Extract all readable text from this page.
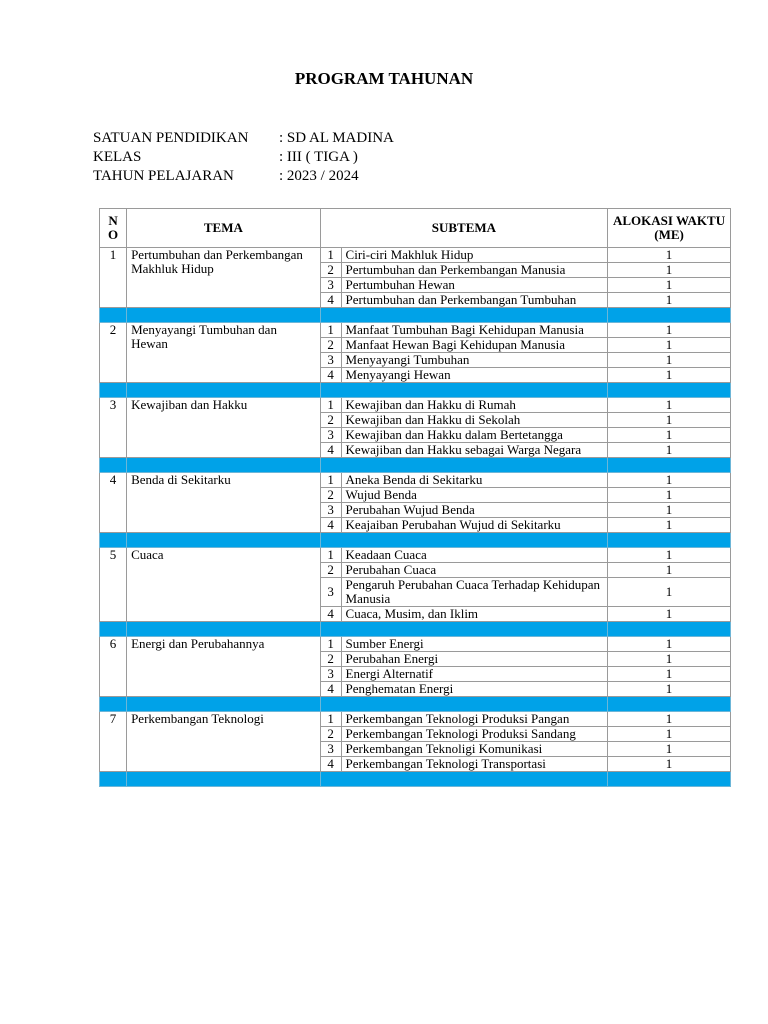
PROGRAM TAHUNAN
SATUAN PENDIDIKAN : SD AL MADINA
KELAS	: III ( TIGA )
TAHUN PELAJARAN	: 2023 / 2024
N O	TEMA	SUBTEMA		ALOKASI WAKTU (ME)
1	Pertumbuhan dan Perkembangan Makhluk Hidup	1	Ciri-ciri Makhluk Hidup	1
		2	Pertumbuhan dan Perkembangan Manusia	1
		3	Pertumbuhan Hewan	1
		4	Pertumbuhan dan Perkembangan Tumbuhan	1

2	Menyayangi Tumbuhan dan Hewan	1	Manfaat Tumbuhan Bagi Kehidupan Manusia	1
		2	Manfaat Hewan Bagi Kehidupan Manusia	1
		3	Menyayangi Tumbuhan	1
		4	Menyayangi Hewan	1

3	Kewajiban dan Hakku	1	Kewajiban dan Hakku di Rumah	1
		2	Kewajiban dan Hakku di Sekolah	1
		3	Kewajiban dan Hakku dalam Bertetangga	1
		4	Kewajiban dan Hakku sebagai Warga Negara	1

4	Benda di Sekitarku	1	Aneka Benda di Sekitarku	1
		2	Wujud Benda	1
		3	Perubahan Wujud Benda	1
		4	Keajaiban Perubahan Wujud di Sekitarku	1

5	Cuaca	1	Keadaan Cuaca	1
		2	Perubahan Cuaca	1
		3	Pengaruh Perubahan Cuaca Terhadap Kehidupan Manusia	1
		4	Cuaca, Musim, dan Iklim	1

6	Energi dan Perubahannya	1	Sumber Energi	1
		2	Perubahan Energi	1
		3	Energi Alternatif	1
		4	Penghematan Energi	1

7	Perkembangan Teknologi	1	Perkembangan Teknologi Produksi Pangan	1
		2	Perkembangan Teknologi Produksi Sandang	1
		3	Perkembangan Teknoligi Komunikasi	1
		4	Perkembangan Teknologi Transportasi	1
